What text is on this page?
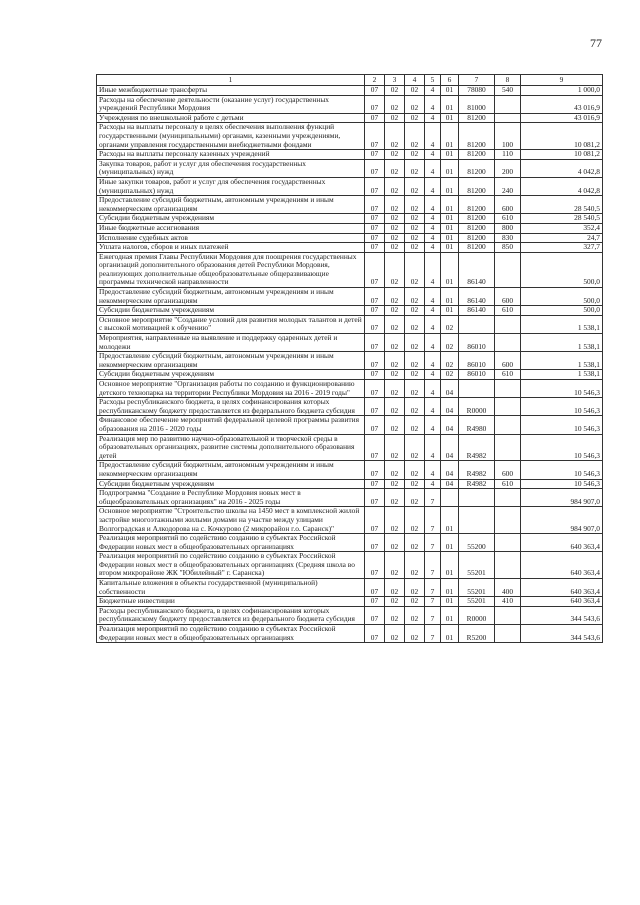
77
1	2	3	4	5	6	7	8	9
Иные межбюджетные трансферты	07	02	02	4	01	78080	540	1 000,0
Расходы на обеспечение деятельности (оказание услуг) государственных учреждений Республики Мордовия	07	02	02	4	01	81000		43 016,9
Учреждения по внешкольной работе с детьми	07	02	02	4	01	81200		43 016,9
Расходы на выплаты персоналу в целях обеспечения выполнения функций государственными (муниципальными) органами, казенными учреждениями, органами управления государственными внебюджетными фондами	07	02	02	4	01	81200	100	10 081,2
Расходы на выплаты персоналу казенных учреждений	07	02	02	4	01	81200	110	10 081,2
Закупка товаров, работ и услуг для обеспечения государственных (муниципальных) нужд	07	02	02	4	01	81200	200	4 042,8
Иные закупки товаров, работ и услуг для обеспечения государственных (муниципальных) нужд	07	02	02	4	01	81200	240	4 042,8
Предоставление субсидий бюджетным, автономным учреждениям и иным некоммерческим организациям	07	02	02	4	01	81200	600	28 540,5
Субсидии бюджетным учреждениям	07	02	02	4	01	81200	610	28 540,5
Иные бюджетные ассигнования	07	02	02	4	01	81200	800	352,4
Исполнение судебных актов	07	02	02	4	01	81200	830	24,7
Уплата налогов, сборов и иных платежей	07	02	02	4	01	81200	850	327,7
Ежегодная премия Главы Республики Мордовия для поощрения государственных организаций дополнительного образования детей Республики Мордовия, реализующих дополнительные общеобразовательные общеразвивающие программы технической направленности	07	02	02	4	01	86140		500,0
Предоставление субсидий бюджетным, автономным учреждениям и иным некоммерческим организациям	07	02	02	4	01	86140	600	500,0
Субсидии бюджетным учреждениям	07	02	02	4	01	86140	610	500,0
Основное мероприятие "Создание условий для развития молодых талантов и детей с высокой мотивацией к обучению"	07	02	02	4	02			1 538,1
Мероприятия, направленные на выявление и поддержку одаренных детей и молодежи	07	02	02	4	02	86010		1 538,1
Предоставление субсидий бюджетным, автономным учреждениям и иным некоммерческим организациям	07	02	02	4	02	86010	600	1 538,1
Субсидии бюджетным учреждениям	07	02	02	4	02	86010	610	1 538,1
Основное мероприятие "Организация работы по созданию и функционированию детского технопарка на территории Республики Мордовия на 2016 - 2019 годы"	07	02	02	4	04			10 546,3
Расходы республиканского бюджета, в целях софинансирования которых республиканскому бюджету предоставляется из федерального бюджета субсидия	07	02	02	4	04	R0000		10 546,3
Финансовое обеспечение мероприятий федеральной целевой программы развития образования на 2016 - 2020 годы	07	02	02	4	04	R4980		10 546,3
Реализация мер по развитию научно-образовательной и творческой среды в образовательных организациях, развитие системы дополнительного образования детей	07	02	02	4	04	R4982		10 546,3
Предоставление субсидий бюджетным, автономным учреждениям и иным некоммерческим организациям	07	02	02	4	04	R4982	600	10 546,3
Субсидии бюджетным учреждениям	07	02	02	4	04	R4982	610	10 546,3
Подпрограмма "Создание в Республике Мордовия новых мест в общеобразовательных организациях" на 2016 - 2025 годы	07	02	02	7				984 907,0
Основное мероприятие "Строительство школы на 1450 мест в комплексной жилой застройке многоэтажными жилыми домами на участке между улицами Волгоградская и Алкодорова на с. Кочкурово (2 микрорайон г.о. Саранск)"	07	02	02	7	01			984 907,0
Реализация мероприятий по содействию созданию в субъектах Российской Федерации новых мест в общеобразовательных организациях	07	02	02	7	01	55200		640 363,4
Реализация мероприятий по содействию созданию в субъектах Российской Федерации новых мест в общеобразовательных организациях (Средняя школа во втором микрорайоне ЖК "Юбилейный" г. Саранска)	07	02	02	7	01	55201		640 363,4
Капитальные вложения в объекты государственной (муниципальной) собственности	07	02	02	7	01	55201	400	640 363,4
Бюджетные инвестиции	07	02	02	7	01	55201	410	640 363,4
Расходы республиканского бюджета, в целях софинансирования которых республиканскому бюджету предоставляется из федерального бюджета субсидия	07	02	02	7	01	R0000		344 543,6
Реализация мероприятий по содействию созданию в субъектах Российской Федерации новых мест в общеобразовательных организациях	07	02	02	7	01	R5200		344 543,6
